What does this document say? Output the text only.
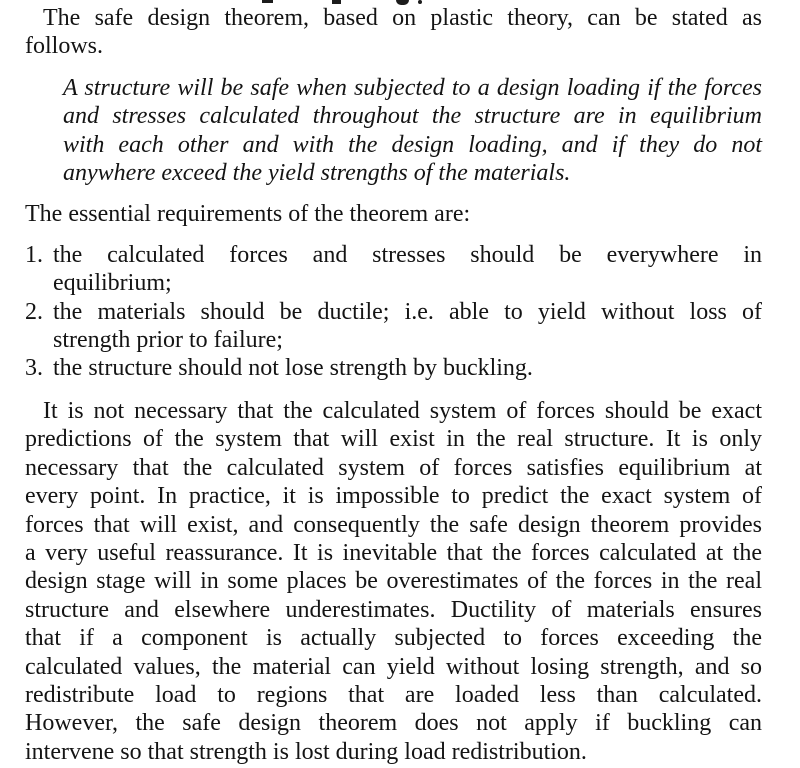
The safe design theorem, based on plastic theory, can be stated as
follows.
A structure will be safe when subjected to a design loading if the forces
and stresses calculated throughout the structure are in equilibrium
with each other and with the design loading, and if they do not
anywhere exceed the yield strengths of the materials.
The essential requirements of the theorem are:
1. the calculated forces and stresses should be everywhere in
equilibrium;
2. the materials should be ductile; i.e. able to yield without loss of
strength prior to failure;
3. the structure should not lose strength by buckling.
It is not necessary that the calculated system of forces should be exact
predictions of the system that will exist in the real structure. It is only
necessary that the calculated system of forces satisfies equilibrium at
every point. In practice, it is impossible to predict the exact system of
forces that will exist, and consequently the safe design theorem provides
a very useful reassurance. It is inevitable that the forces calculated at the
design stage will in some places be overestimates of the forces in the real
structure and elsewhere underestimates. Ductility of materials ensures
that if a component is actually subjected to forces exceeding the
calculated values, the material can yield without losing strength, and so
redistribute load to regions that are loaded less than calculated.
However, the safe design theorem does not apply if buckling can
intervene so that strength is lost during load redistribution.
